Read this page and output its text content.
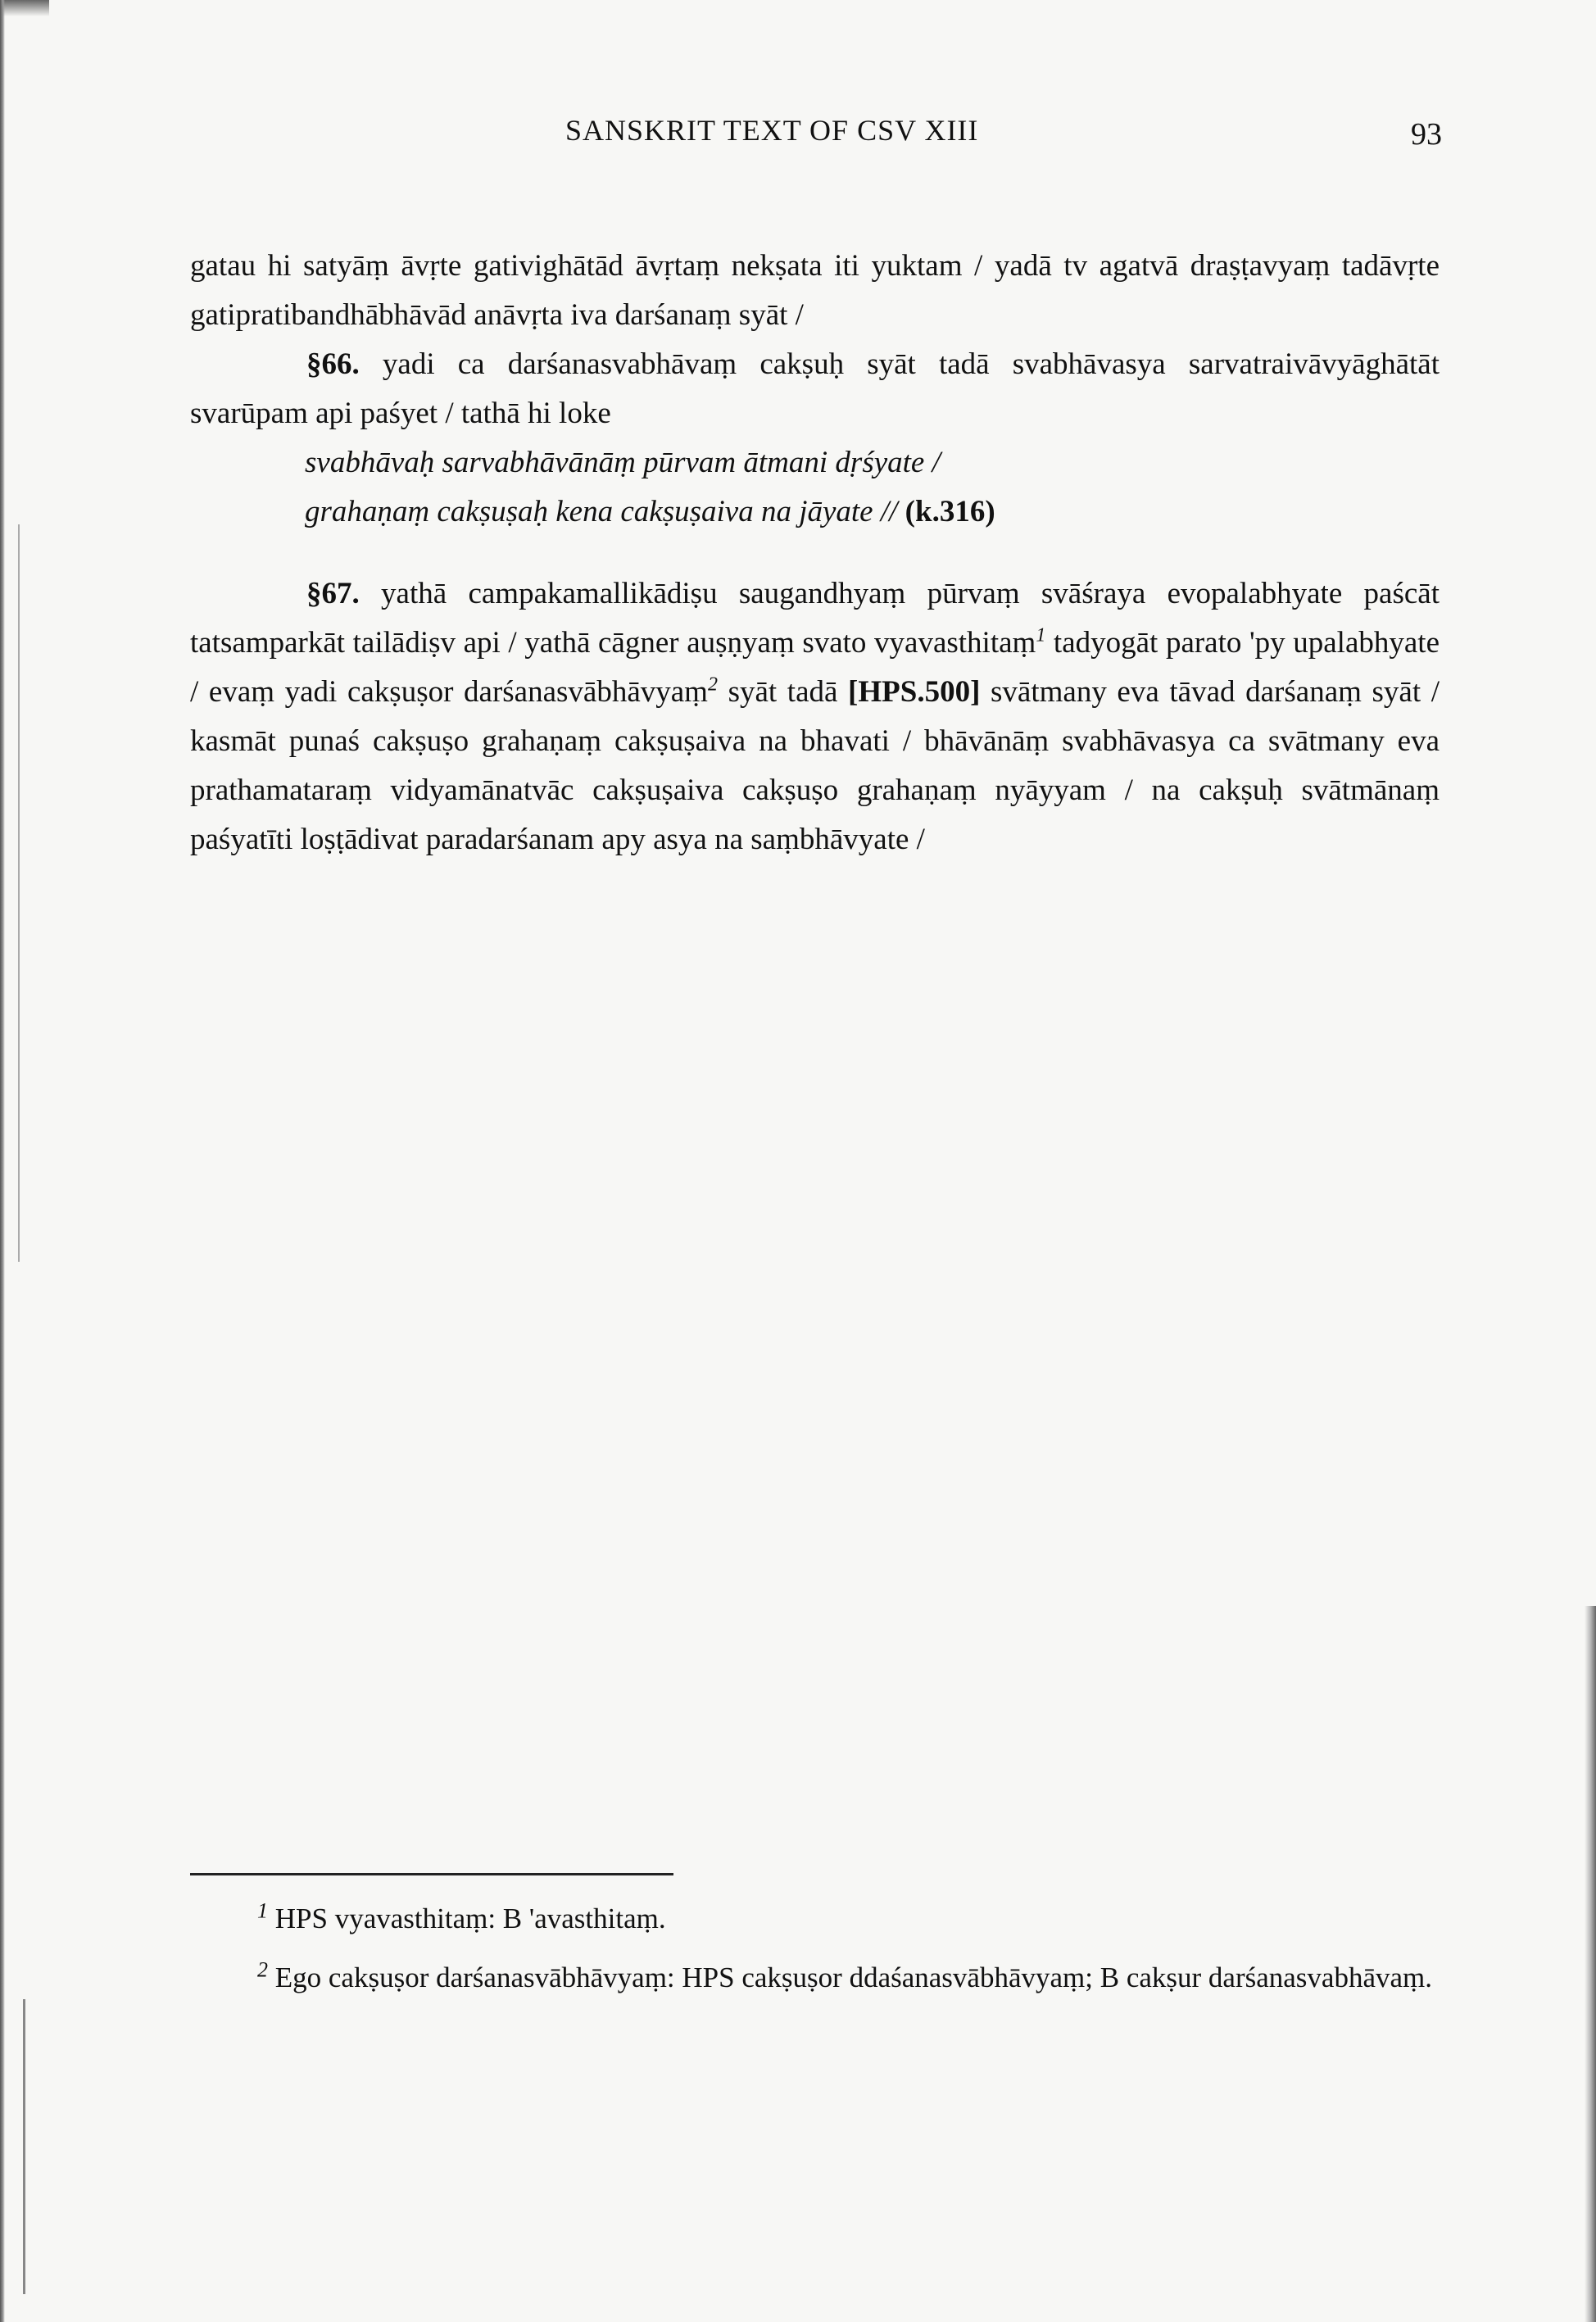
SANSKRIT TEXT OF CSV XIII	93

gatau hi satyāṃ āvṛte gativighātād āvṛtaṃ nekṣata iti yuktam / yadā tv agatvā draṣṭavyaṃ tadāvṛte gatipratibandhābhāvād anāvṛta iva darśanaṃ syāt /

§66. yadi ca darśanasvabhāvaṃ cakṣuḥ syāt tadā svabhāvasya sarvatraivāvyāghātāt svarūpam api paśyet / tathā hi loke

svabhāvaḥ sarvabhāvānāṃ pūrvam ātmani dṛśyate /

grahaṇaṃ cakṣuṣaḥ kena cakṣuṣaiva na jāyate // (k.316)

§67. yathā campakamallikādiṣu saugandhyaṃ pūrvaṃ svāśraya evopalabhyate paścāt tatsamparkāt tailādiṣv api / yathā cāgner auṣṇyaṃ svato vyavasthitaṃ$^1$ tadyogāt parato 'py upalabhyate / evaṃ yadi cakṣuṣor darśanasvābhāvyaṃ$^2$ syāt tadā [HPS.500] svātmany eva tāvad darśanaṃ syāt / kasmāt punaś cakṣuṣo grahaṇaṃ cakṣuṣaiva na bhavati / bhāvānāṃ svabhāvasya ca svātmany eva prathamataraṃ vidyamānatvāc cakṣuṣaiva cakṣuṣo grahaṇaṃ nyāyyam / na cakṣuḥ svātmānaṃ paśyatīti loṣṭādivat paradarśanam apy asya na saṃbhāvyate /

$^1$ HPS vyavasthitaṃ: B 'avasthitaṃ.

$^2$ Ego cakṣuṣor darśanasvābhāvyaṃ: HPS cakṣuṣor ddaśanasvābhāvyaṃ; B cakṣur darśanasvabhāvaṃ.
